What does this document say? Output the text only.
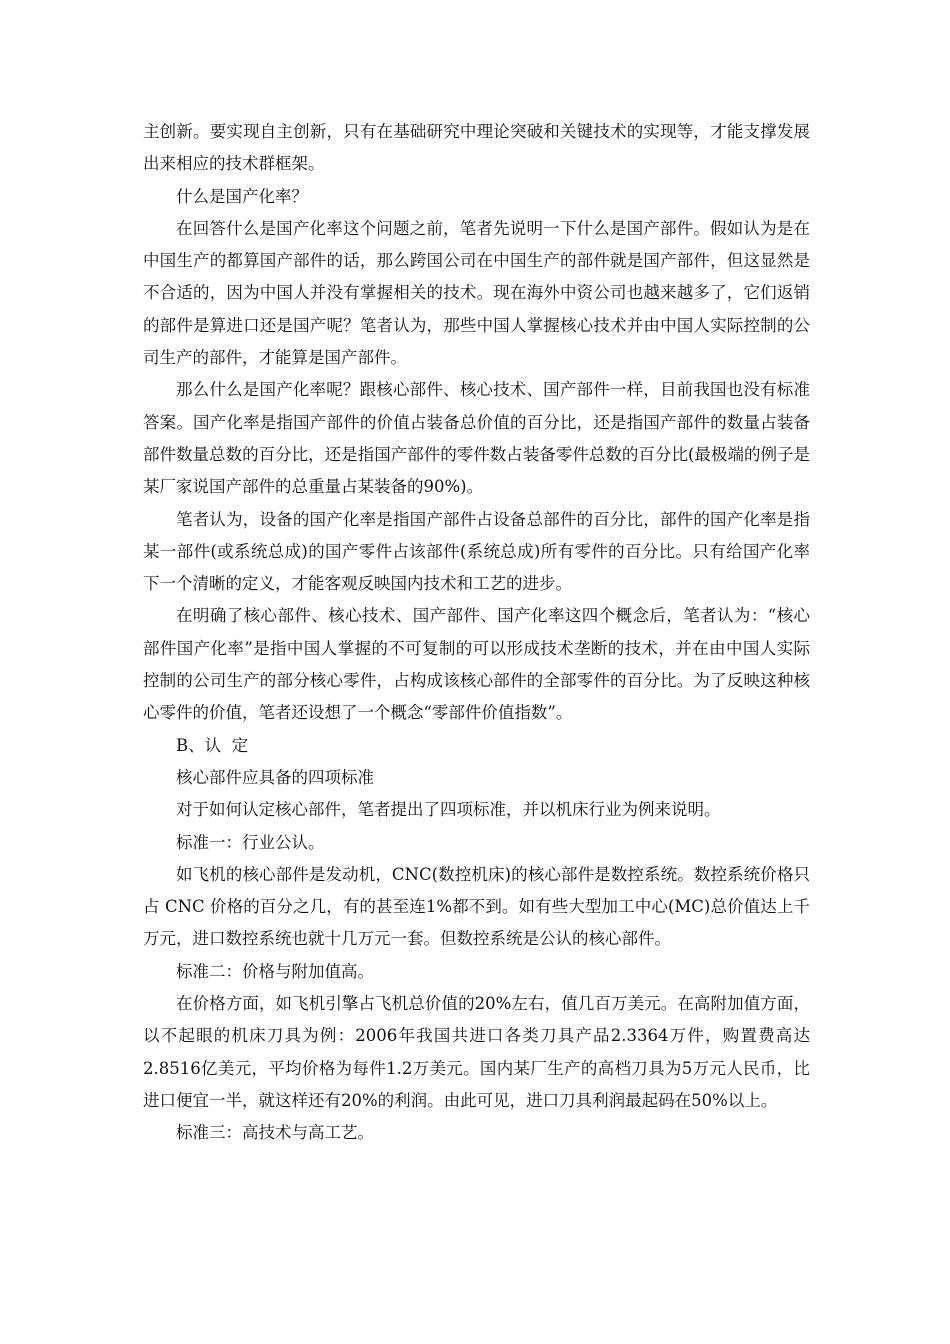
主创新。要实现自主创新，只有在基础研究中理论突破和关键技术的实现等，才能支撑发展出来相应的技术群框架。

什么是国产化率？

在回答什么是国产化率这个问题之前，笔者先说明一下什么是国产部件。假如认为是在中国生产的都算国产部件的话，那么跨国公司在中国生产的部件就是国产部件，但这显然是不合适的，因为中国人并没有掌握相关的技术。现在海外中资公司也越来越多了，它们返销的部件是算进口还是国产呢？笔者认为，那些中国人掌握核心技术并由中国人实际控制的公司生产的部件，才能算是国产部件。

那么什么是国产化率呢？跟核心部件、核心技术、国产部件一样，目前我国也没有标准答案。国产化率是指国产部件的价值占装备总价值的百分比，还是指国产部件的数量占装备部件数量总数的百分比，还是指国产部件的零件数占装备零件总数的百分比(最极端的例子是某厂家说国产部件的总重量占某装备的90%)。

笔者认为，设备的国产化率是指国产部件占设备总部件的百分比，部件的国产化率是指某一部件(或系统总成)的国产零件占该部件(系统总成)所有零件的百分比。只有给国产化率下一个清晰的定义，才能客观反映国内技术和工艺的进步。

在明确了核心部件、核心技术、国产部件、国产化率这四个概念后，笔者认为：“核心部件国产化率”是指中国人掌握的不可复制的可以形成技术垄断的技术，并在由中国人实际控制的公司生产的部分核心零件，占构成该核心部件的全部零件的百分比。为了反映这种核心零件的价值，笔者还设想了一个概念“零部件价值指数”。

B、认  定

核心部件应具备的四项标准

对于如何认定核心部件，笔者提出了四项标准，并以机床行业为例来说明。

标准一：行业公认。

如飞机的核心部件是发动机，CNC(数控机床)的核心部件是数控系统。数控系统价格只占 CNC 价格的百分之几，有的甚至连1%都不到。如有些大型加工中心(MC)总价值达上千万元，进口数控系统也就十几万元一套。但数控系统是公认的核心部件。

标准二：价格与附加值高。

在价格方面，如飞机引擎占飞机总价值的20%左右，值几百万美元。在高附加值方面，以不起眼的机床刀具为例：2006年我国共进口各类刀具产品2.3364万件，购置费高达2.8516亿美元，平均价格为每件1.2万美元。国内某厂生产的高档刀具为5万元人民币，比进口便宜一半，就这样还有20%的利润。由此可见，进口刀具利润最起码在50%以上。

标准三：高技术与高工艺。
